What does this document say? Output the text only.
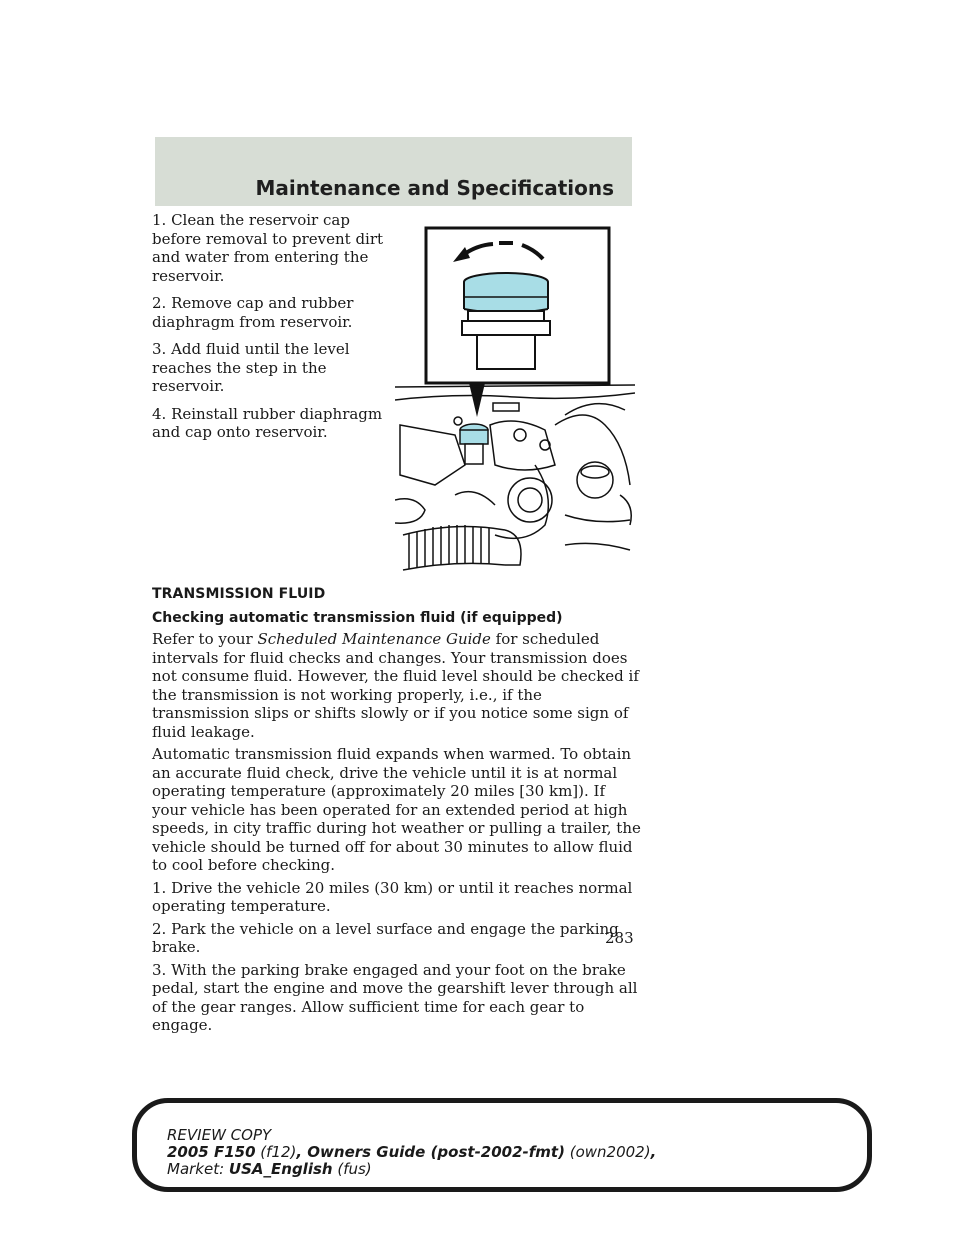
Maintenance and Specifications

1. Clean the reservoir cap before removal to prevent dirt and water from entering the reservoir.

2. Remove cap and rubber diaphragm from reservoir.

3. Add fluid until the level reaches the step in the reservoir.

4. Reinstall rubber diaphragm and cap onto reservoir.

TRANSMISSION FLUID
Checking automatic transmission fluid (if equipped)

Refer to your Scheduled Maintenance Guide for scheduled intervals for fluid checks and changes. Your transmission does not consume fluid. However, the fluid level should be checked if the transmission is not working properly, i.e., if the transmission slips or shifts slowly or if you notice some sign of fluid leakage.

Automatic transmission fluid expands when warmed. To obtain an accurate fluid check, drive the vehicle until it is at normal operating temperature (approximately 20 miles [30 km]). If your vehicle has been operated for an extended period at high speeds, in city traffic during hot weather or pulling a trailer, the vehicle should be turned off for about 30 minutes to allow fluid to cool before checking.

1. Drive the vehicle 20 miles (30 km) or until it reaches normal operating temperature.

2. Park the vehicle on a level surface and engage the parking brake.

3. With the parking brake engaged and your foot on the brake pedal, start the engine and move the gearshift lever through all of the gear ranges. Allow sufficient time for each gear to engage.

283
REVIEW COPY
2005 F150 (f12), Owners Guide (post-2002-fmt) (own2002),
Market: USA_English (fus)
